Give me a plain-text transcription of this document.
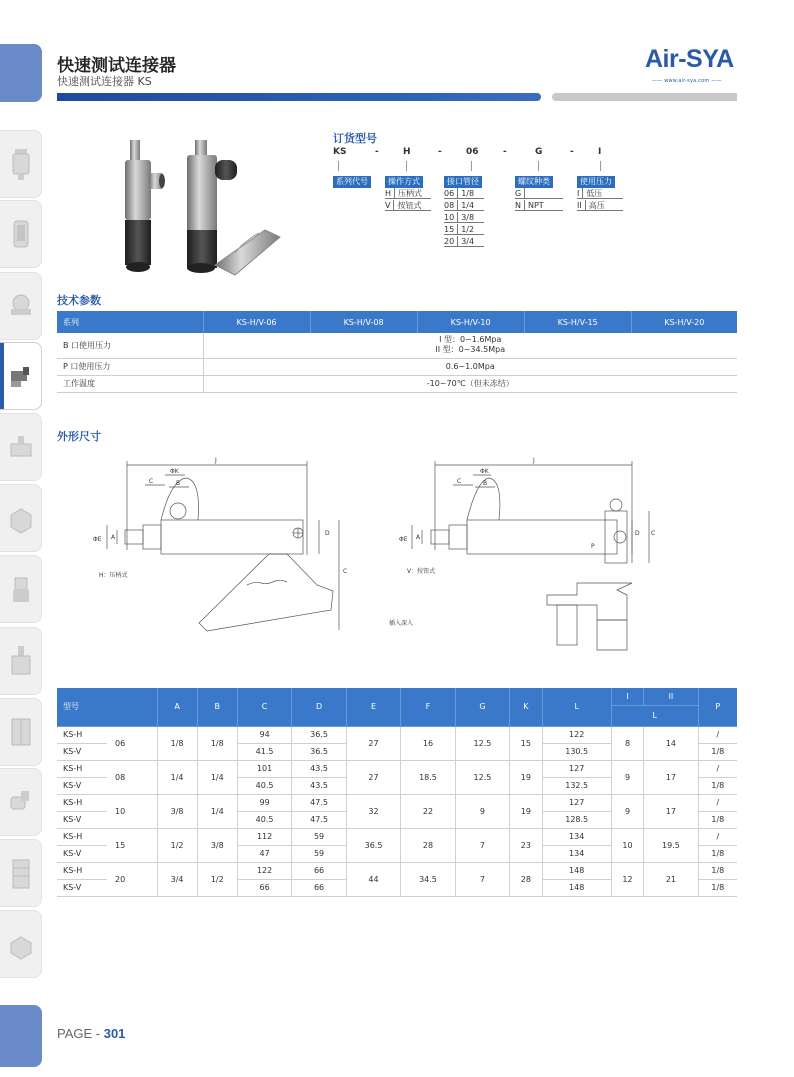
快速测试连接器
快速测试连接器 KS
Air-SYA
—— www.air-sya.com ——
订货型号
KS	-	H	-	06	-	G	-	I
系列代号	操作方式	接口管径	螺纹种类	使用压力
H 压柄式
V 按钮式
06 1/8
08 1/4
10 3/8
15 1/2
20 3/4
G
N NPT
I 低压
II 高压
技术参数
系列	KS-H/V-06	KS-H/V-08	KS-H/V-10	KS-H/V-15	KS-H/V-20
B 口使用压力	I 型：0~1.6Mpa
II 型：0~34.5Mpa				

P 口使用压力	0.6~1.0Mpa				
工作温度	-10~70℃（但未冻结）				
外形尺寸
J
ΦK
C	B
ΦE A
D
C
J
ΦK
C	B
ΦE A
D C
P
H：压柄式
V：按钮式
插入深入
型号		A	B	C	D	E	F	G	K	L	I	II	P
											L		
KS-H	06	1/8	1/8	94	36.5	27	16	12.5	15	122	8	14	/
KS-V				41.5	36.5					130.5			1/8
KS-H	08	1/4	1/4	101	43.5	27	18.5	12.5	19	127	9	17	/
KS-V				40.5	43.5					132.5			1/8
KS-H	10	3/8	1/4	99	47.5	32	22	9	19	127	9	17	/
KS-V				40.5	47.5					128.5			1/8
KS-H	15	1/2	3/8	112	59	36.5	28	7	23	134	10	19.5	/
KS-V				47	59					134			1/8
KS-H	20	3/4	1/2	122	66	44	34.5	7	28	148	12	21	1/8
KS-V				66	66					148			1/8
PAGE - 301
